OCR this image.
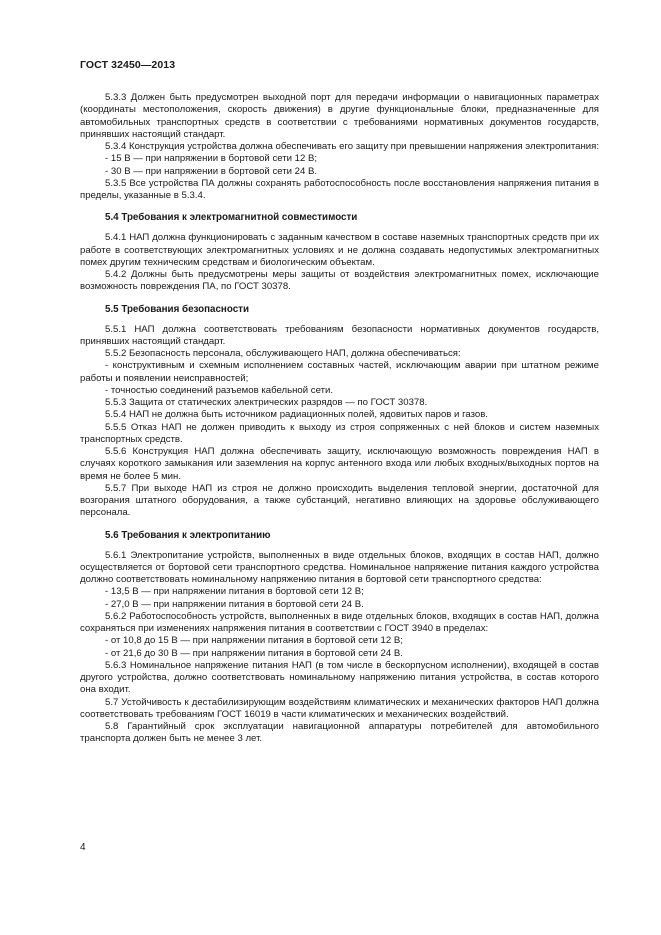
ГОСТ 32450—2013

5.3.3 Должен быть предусмотрен выходной порт для передачи информации о навигационных параметрах (координаты местоположения, скорость движения) в другие функциональные блоки, предназначенные для автомобильных транспортных средств в соответствии с требованиями нормативных документов государств, принявших настоящий стандарт.

5.3.4 Конструкция устройства должна обеспечивать его защиту при превышении напряжения электропитания:

- 15 В — при напряжении в бортовой сети 12 В;

- 30 В — при напряжении в бортовой сети 24 В.

5.3.5 Все устройства ПА должны сохранять работоспособность после восстановления напряжения питания в пределы, указанные в 5.3.4.

5.4 Требования к электромагнитной совместимости

5.4.1 НАП должна функционировать с заданным качеством в составе наземных транспортных средств при их работе в соответствующих электромагнитных условиях и не должна создавать недопустимых электромагнитных помех другим техническим средствам и биологическим объектам.

5.4.2 Должны быть предусмотрены меры защиты от воздействия электромагнитных помех, исключающие возможность повреждения ПА, по ГОСТ 30378.

5.5 Требования безопасности

5.5.1 НАП должна соответствовать требованиям безопасности нормативных документов государств, принявших настоящий стандарт.

5.5.2 Безопасность персонала, обслуживающего НАП, должна обеспечиваться:

- конструктивным и схемным исполнением составных частей, исключающим аварии при штатном режиме работы и появлении неисправностей;

- точностью соединений разъемов кабельной сети.

5.5.3 Защита от статических электрических разрядов — по ГОСТ 30378.

5.5.4 НАП не должна быть источником радиационных полей, ядовитых паров и газов.

5.5.5 Отказ НАП не должен приводить к выходу из строя сопряженных с ней блоков и систем наземных транспортных средств.

5.5.6 Конструкция НАП должна обеспечивать защиту, исключающую возможность повреждения НАП в случаях короткого замыкания или заземления на корпус антенного входа или любых входных/выходных портов на время не более 5 мин.

5.5.7 При выходе НАП из строя не должно происходить выделения тепловой энергии, достаточной для возгорания штатного оборудования, а также субстанций, негативно влияющих на здоровье обслуживающего персонала.

5.6 Требования к электропитанию

5.6.1 Электропитание устройств, выполненных в виде отдельных блоков, входящих в состав НАП, должно осуществляется от бортовой сети транспортного средства. Номинальное напряжение питания каждого устройства должно соответствовать номинальному напряжению питания в бортовой сети транспортного средства:

- 13,5 В — при напряжении питания в бортовой сети 12 В;

- 27,0 В — при напряжении питания в бортовой сети 24 В.

5.6.2 Работоспособность устройств, выполненных в виде отдельных блоков, входящих в состав НАП, должна сохраняться при изменениях напряжения питания в соответствии с ГОСТ 3940 в пределах:

- от 10,8 до 15 В — при напряжении питания в бортовой сети 12 В;

- от 21,6 до 30 В — при напряжении питания в бортовой сети 24 В.

5.6.3 Номинальное напряжение питания НАП (в том числе в бескорпусном исполнении), входящей в состав другого устройства, должно соответствовать номинальному напряжению питания устройства, в состав которого она входит.

5.7 Устойчивость к дестабилизирующим воздействиям климатических и механических факторов НАП должна соответствовать требованиям ГОСТ 16019 в части климатических и механических воздействий.

5.8 Гарантийный срок эксплуатации навигационной аппаратуры потребителей для автомобильного транспорта должен быть не менее 3 лет.

4
